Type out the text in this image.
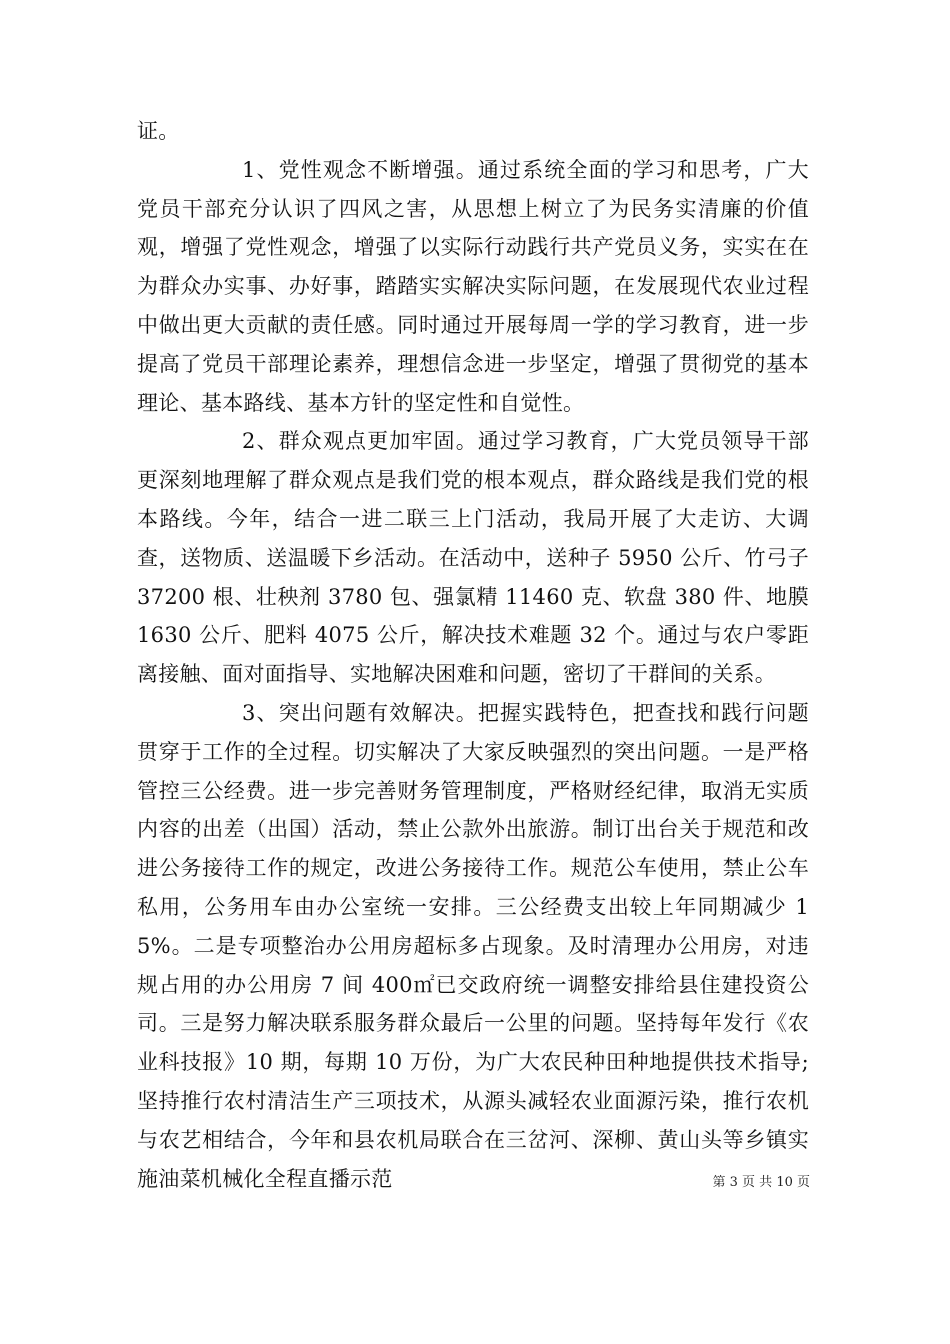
证。

1、党性观念不断增强。通过系统全面的学习和思考，广大党员干部充分认识了四风之害，从思想上树立了为民务实清廉的价值观，增强了党性观念，增强了以实际行动践行共产党员义务，实实在在为群众办实事、办好事，踏踏实实解决实际问题，在发展现代农业过程中做出更大贡献的责任感。同时通过开展每周一学的学习教育，进一步提高了党员干部理论素养，理想信念进一步坚定，增强了贯彻党的基本理论、基本路线、基本方针的坚定性和自觉性。

2、群众观点更加牢固。通过学习教育，广大党员领导干部更深刻地理解了群众观点是我们党的根本观点，群众路线是我们党的根本路线。今年，结合一进二联三上门活动，我局开展了大走访、大调查，送物质、送温暖下乡活动。在活动中，送种子 5950 公斤、竹弓子 37200 根、壮秧剂 3780 包、强氯精 11460 克、软盘 380 件、地膜 1630 公斤、肥料 4075 公斤，解决技术难题 32 个。通过与农户零距离接触、面对面指导、实地解决困难和问题，密切了干群间的关系。

3、突出问题有效解决。把握实践特色，把查找和践行问题贯穿于工作的全过程。切实解决了大家反映强烈的突出问题。一是严格管控三公经费。进一步完善财务管理制度，严格财经纪律，取消无实质内容的出差（出国）活动，禁止公款外出旅游。制订出台关于规范和改进公务接待工作的规定，改进公务接待工作。规范公车使用，禁止公车私用，公务用车由办公室统一安排。三公经费支出较上年同期减少 15%。二是专项整治办公用房超标多占现象。及时清理办公用房，对违规占用的办公用房 7 间 400㎡已交政府统一调整安排给县住建投资公司。三是努力解决联系服务群众最后一公里的问题。坚持每年发行《农业科技报》10 期，每期 10 万份，为广大农民种田种地提供技术指导;坚持推行农村清洁生产三项技术，从源头减轻农业面源污染，推行农机与农艺相结合，今年和县农机局联合在三岔河、深柳、黄山头等乡镇实施油菜机械化全程直播示范	第 3 页 共 10 页
